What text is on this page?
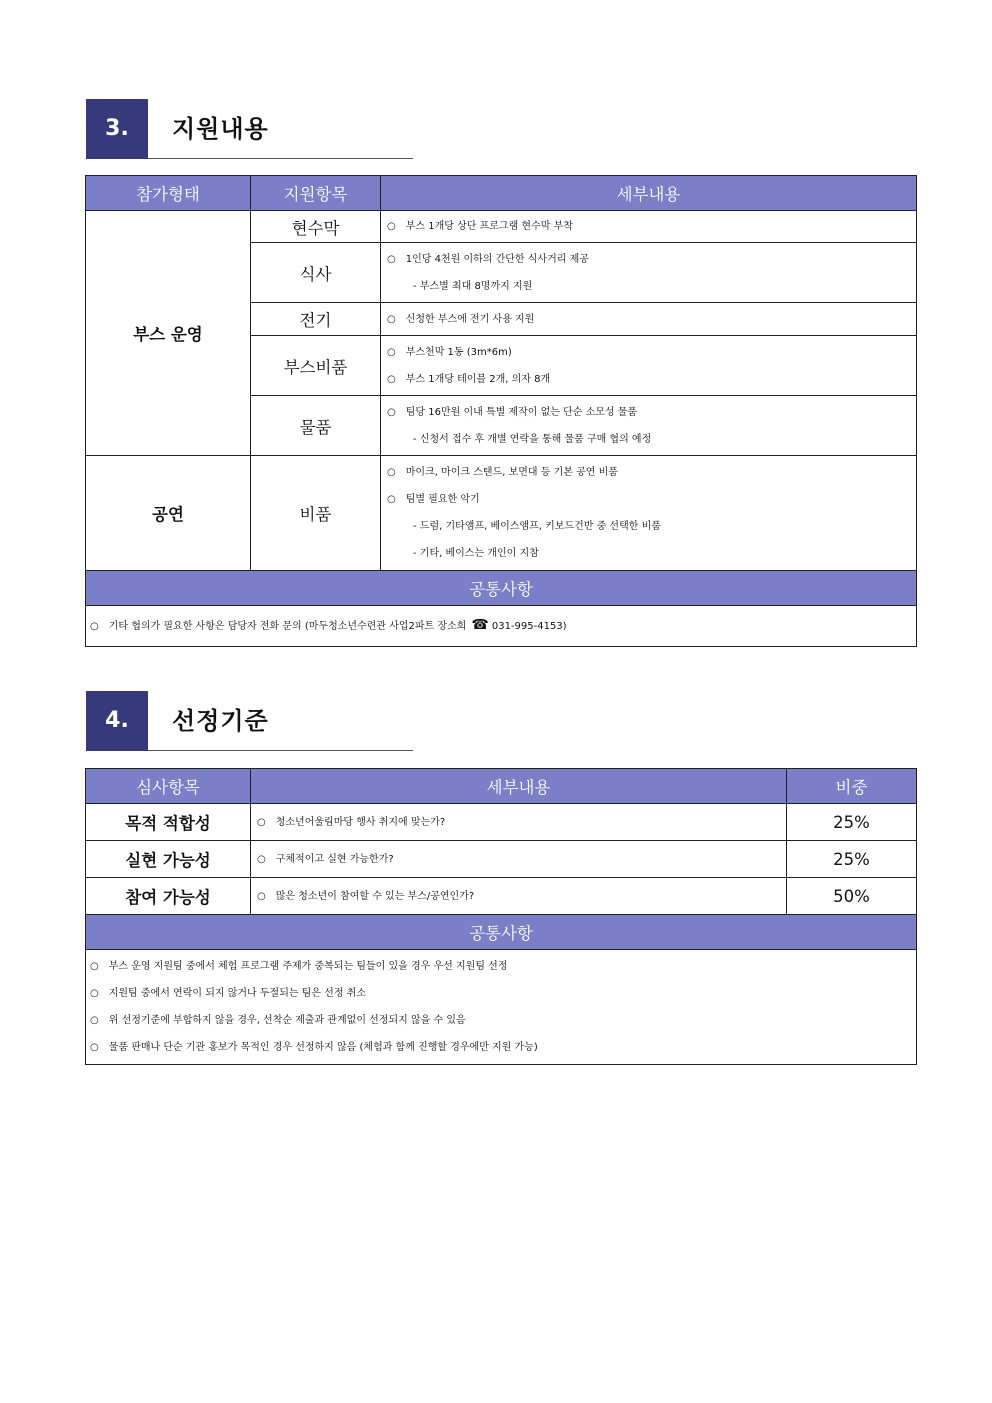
3.	지원내용
참가형태	지원항목	세부내용
부스 운영	현수막	○ 부스 1개당 상단 프로그램 현수막 부착

	식사	○ 1인당 4천원 이하의 간단한 식사거리 제공
- 부스별 최대 8명까지 지원

	전기	○ 신청한 부스에 전기 사용 지원

	부스비품	○ 부스천막 1동 (3m*6m)
○ 부스 1개당 테이블 2개, 의자 8개

	물품	○ 팀당 16만원 이내 특별 제작이 없는 단순 소모성 물품
- 신청서 접수 후 개별 연락을 통해 물품 구매 협의 예정

공연	비품	○ 마이크, 마이크 스탠드, 보면대 등 기본 공연 비품
○ 팀별 필요한 악기
- 드럼, 기타앰프, 베이스앰프, 키보드건반 중 선택한 비품
- 기타, 베이스는 개인이 지참

공통사항		

○ 기타 협의가 필요한 사항은 담당자 전화 문의 (마두청소년수련관 사업2파트 장소희 ☎ 031-995-4153)		
4.	선정기준
심사항목	세부내용	비중
목적 적합성	○ 청소년어울림마당 행사 취지에 맞는가?	25%
실현 가능성	○ 구체적이고 실현 가능한가?	25%
참여 가능성	○ 많은 청소년이 참여할 수 있는 부스/공연인가?	50%
공통사항		

○ 부스 운영 지원팀 중에서 체험 프로그램 주제가 중복되는 팀들이 있을 경우 우선 지원팀 선정
○ 지원팀 중에서 연락이 되지 않거나 두절되는 팀은 선정 취소
○ 위 선정기준에 부합하지 않을 경우, 선착순 제출과 관계없이 선정되지 않을 수 있음
○ 물품 판매나 단순 기관 홍보가 목적인 경우 선정하지 않음 (체험과 함께 진행할 경우에만 지원 가능)		
